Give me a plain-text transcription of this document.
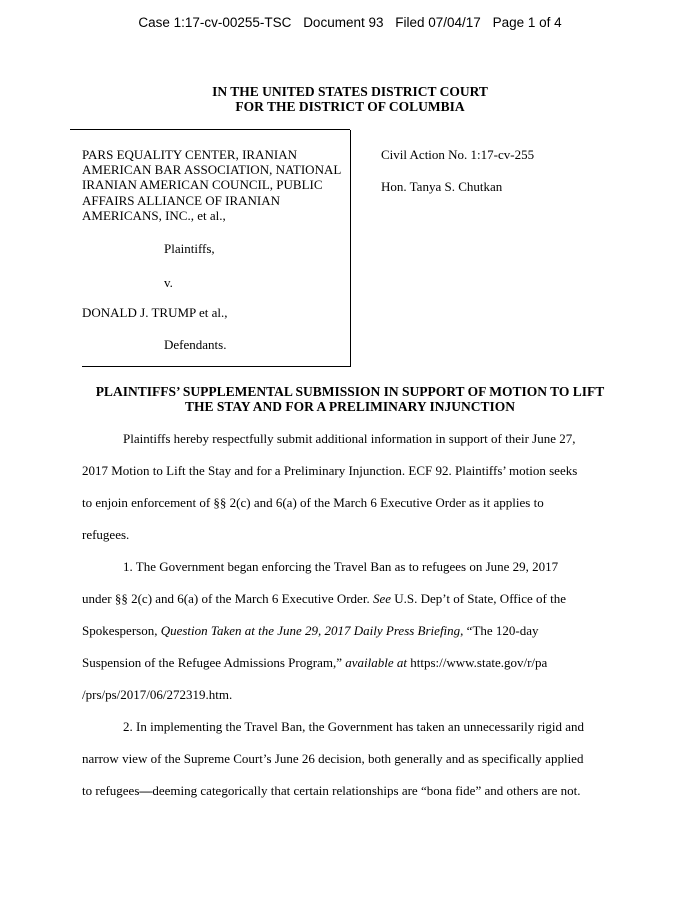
Case 1:17-cv-00255-TSC Document 93 Filed 07/04/17 Page 1 of 4
IN THE UNITED STATES DISTRICT COURT
FOR THE DISTRICT OF COLUMBIA
PARS EQUALITY CENTER, IRANIAN AMERICAN BAR ASSOCIATION, NATIONAL IRANIAN AMERICAN COUNCIL, PUBLIC AFFAIRS ALLIANCE OF IRANIAN AMERICANS, INC., et al.,
Plaintiffs,
v.
DONALD J. TRUMP et al.,
Defendants.
Civil Action No. 1:17-cv-255
Hon. Tanya S. Chutkan
PLAINTIFFS’ SUPPLEMENTAL SUBMISSION IN SUPPORT OF MOTION TO LIFT
THE STAY AND FOR A PRELIMINARY INJUNCTION
Plaintiffs hereby respectfully submit additional information in support of their June 27,
2017 Motion to Lift the Stay and for a Preliminary Injunction. ECF 92. Plaintiffs’ motion seeks
to enjoin enforcement of §§ 2(c) and 6(a) of the March 6 Executive Order as it applies to
refugees.
1. The Government began enforcing the Travel Ban as to refugees on June 29, 2017
under §§ 2(c) and 6(a) of the March 6 Executive Order. See U.S. Dep’t of State, Office of the
Spokesperson, Question Taken at the June 29, 2017 Daily Press Briefing, “The 120-day
Suspension of the Refugee Admissions Program,” available at https://www.state.gov/r/pa
/prs/ps/2017/06/272319.htm.
2. In implementing the Travel Ban, the Government has taken an unnecessarily rigid and
narrow view of the Supreme Court’s June 26 decision, both generally and as specifically applied
to refugees—deeming categorically that certain relationships are “bona fide” and others are not.
